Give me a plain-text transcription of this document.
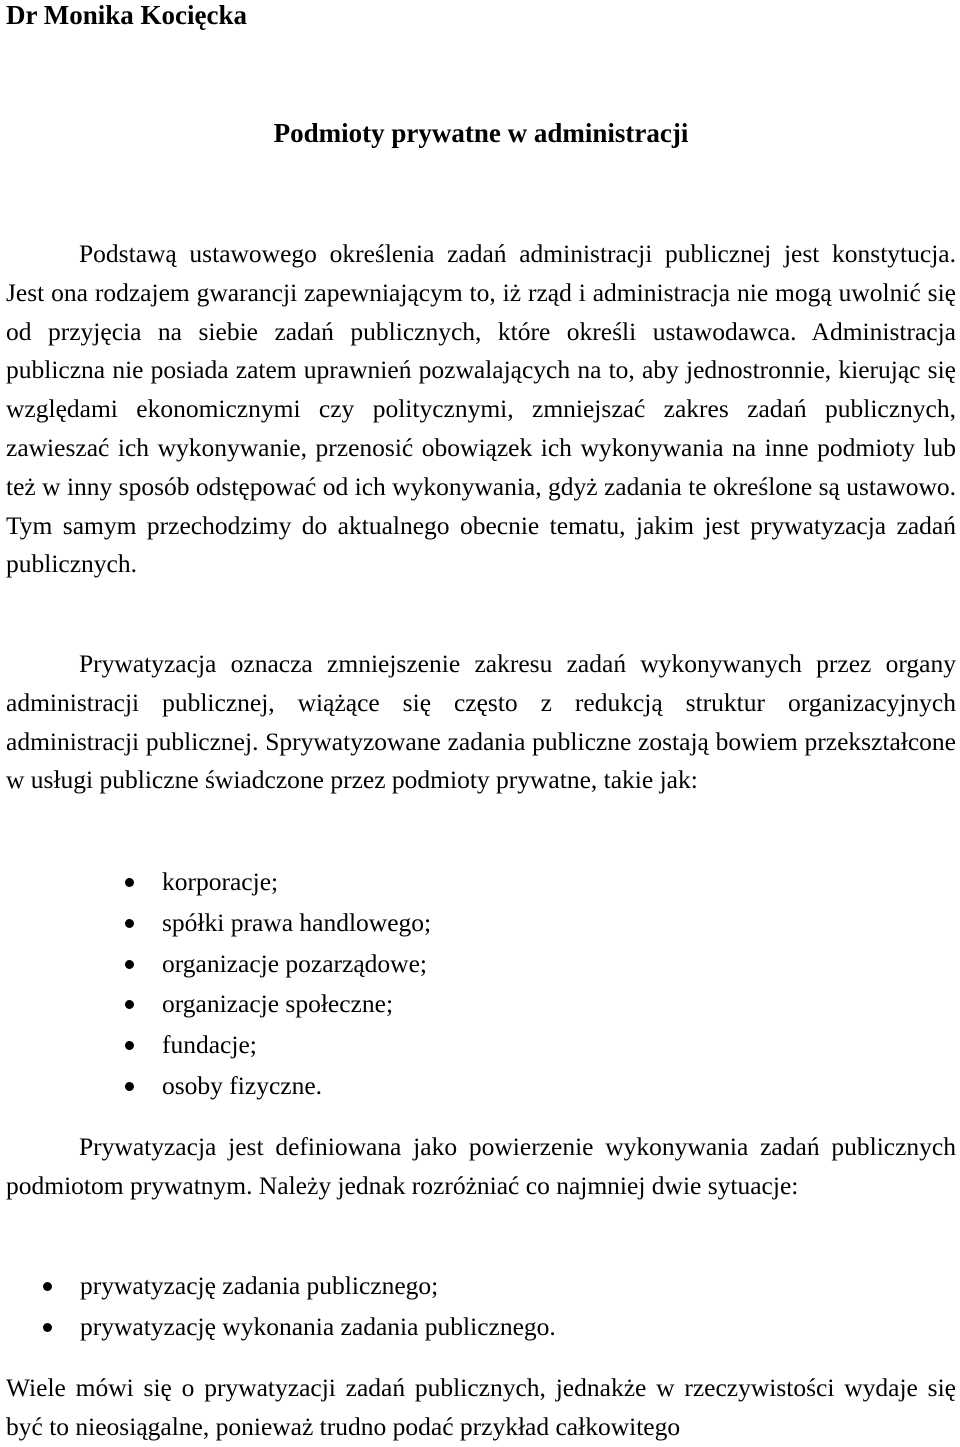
Dr Monika Kocięcka
Podmioty prywatne w administracji

Podstawą ustawowego określenia zadań administracji publicznej jest konstytucja. Jest ona rodzajem gwarancji zapewniającym to, iż rząd i administracja nie mogą uwolnić się od przyjęcia na siebie zadań publicznych, które określi ustawodawca. Administracja publiczna nie posiada zatem uprawnień pozwalających na to, aby jednostronnie, kierując się względami ekonomicznymi czy politycznymi, zmniejszać zakres zadań publicznych, zawieszać ich wykonywanie, przenosić obowiązek ich wykonywania na inne podmioty lub też w inny sposób odstępować od ich wykonywania, gdyż zadania te określone są ustawowo. Tym samym przechodzimy do aktualnego obecnie tematu, jakim jest prywatyzacja zadań publicznych.

Prywatyzacja oznacza zmniejszenie zakresu zadań wykonywanych przez organy administracji publicznej, wiążące się często z redukcją struktur organizacyjnych administracji publicznej. Sprywatyzowane zadania publiczne zostają bowiem przekształcone w usługi publiczne świadczone przez podmioty prywatne, takie jak:

korporacje;
spółki prawa handlowego;
organizacje pozarządowe;
organizacje społeczne;
fundacje;
osoby fizyczne.

Prywatyzacja jest definiowana jako powierzenie wykonywania zadań publicznych podmiotom prywatnym. Należy jednak rozróżniać co najmniej dwie sytuacje:

prywatyzację zadania publicznego;
prywatyzację wykonania zadania publicznego.

Wiele mówi się o prywatyzacji zadań publicznych, jednakże w rzeczywistości wydaje się być to nieosiągalne, ponieważ trudno podać przykład całkowitego
